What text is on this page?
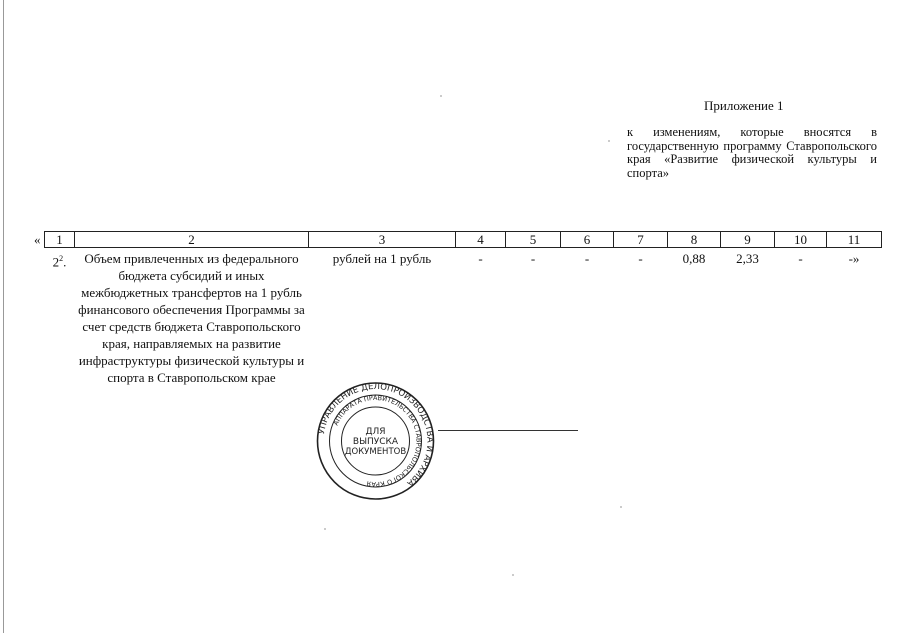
Приложение 1
к изменениям, которые вносятся в государственную программу Ставропольского края «Развитие физической культуры и спорта»
« 1	2	3	4	5	6	7	8	9	10	11
$2^2$.	Объем привлеченных из федерального бюджета субсидий и иных межбюджетных трансфертов на 1 рубль финансового обеспечения Программы за счет средств бюджета Ставропольского края, направляемых на развитие инфраструктуры физической культуры и спорта в Ставропольском крае	рублей на 1 рубль	-	-	-	-	0,88	2,33	-	-»
УПРАВЛЕНИЕ ДЕЛОПРОИЗВОДСТВА И АРХИВА
АППАРАТА ПРАВИТЕЛЬСТВА СТАВРОПОЛЬСКОГО КРАЯ
ДЛЯ
ВЫПУСКА
ДОКУМЕНТОВ
